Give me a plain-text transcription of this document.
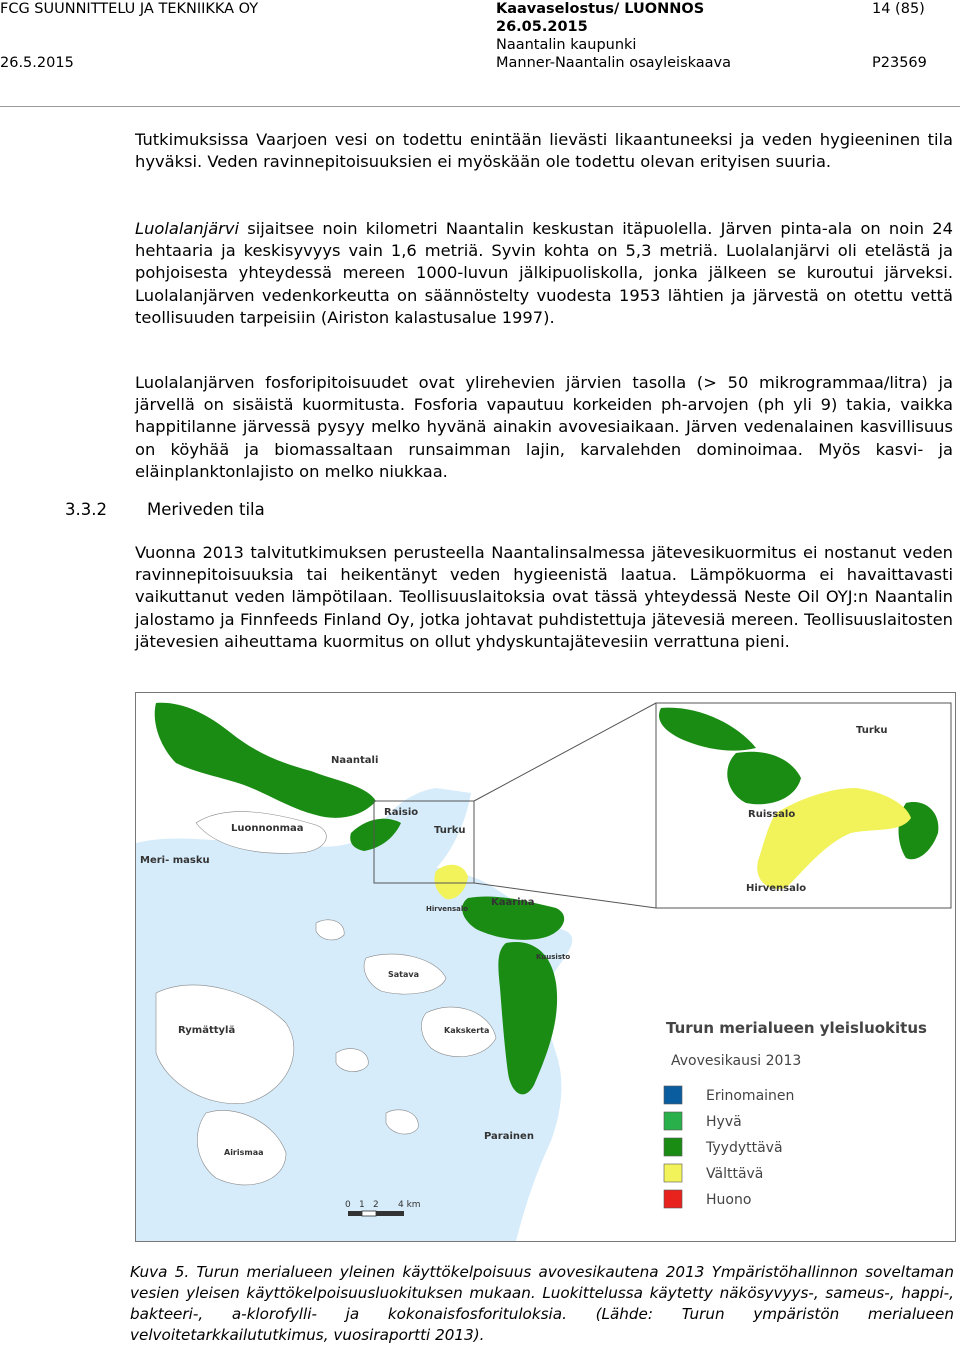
FCG SUUNNITTELU JA TEKNIIKKA OY
26.5.2015
Kaavaselostus/ LUONNOS
26.05.2015
Naantalin kaupunki
Manner-Naantalin osayleiskaava
14 (85)
P23569

Tutkimuksissa Vaarjoen vesi on todettu enintään lievästi likaantuneeksi ja veden hygieeninen tila hyväksi. Veden ravinnepitoisuuksien ei myöskään ole todettu olevan erityisen suuria.

Luolalanjärvi sijaitsee noin kilometri Naantalin keskustan itäpuolella. Järven pinta-ala on noin 24 hehtaaria ja keskisyvyys vain 1,6 metriä. Syvin kohta on 5,3 metriä. Luolalanjärvi oli etelästä ja pohjoisesta yhteydessä mereen 1000-luvun jälkipuoliskolla, jonka jälkeen se kuroutui järveksi. Luolalanjärven vedenkorkeutta on säännöstelty vuodesta 1953 lähtien ja järvestä on otettu vettä teollisuuden tarpeisiin (Airiston kalastusalue 1997).

Luolalanjärven fosforipitoisuudet ovat ylirehevien järvien tasolla (> 50 mikrogrammaa/litra) ja järvellä on sisäistä kuormitusta. Fosforia vapautuu korkeiden ph-arvojen (ph yli 9) takia, vaikka happitilanne järvessä pysyy melko hyvänä ainakin avovesiaikaan. Järven vedenalainen kasvillisuus on köyhää ja biomassaltaan runsaimman lajin, karvalehden dominoimaa. Myös kasvi- ja eläinplanktonlajisto on melko niukkaa.

3.3.2 Meriveden tila

Vuonna 2013 talvitutkimuksen perusteella Naantalinsalmessa jätevesikuormitus ei nostanut veden ravinnepitoisuuksia tai heikentänyt veden hygieenistä laatua. Lämpökuorma ei havaittavasti vaikuttanut veden lämpötilaan. Teollisuuslaitoksia ovat tässä yhteydessä Neste Oil OYJ:n Naantalin jalostamo ja Finnfeeds Finland Oy, jotka johtavat puhdistettuja jätevesiä mereen. Teollisuuslaitosten jätevesien aiheuttama kuormitus on ollut yhdyskuntajätevesiin verrattuna pieni.

Naantali
Luonnonmaa
Meri- masku
Raisio
Turku
Turku
Ruissalo
Hirvensalo
Hirvensalo
Kaarina
Kuusisto
Satava
Kakskerta
Rymättylä
Airismaa
Parainen
Turun merialueen yleisluokitus
Avovesikausi 2013
Erinomainen
Hyvä
Tyydyttävä
Välttävä
Huono
0 1 2 4 km

Kuva 5. Turun merialueen yleinen käyttökelpoisuus avovesikautena 2013 Ympäristöhallinnon soveltaman vesien yleisen käyttökelpoisuusluokituksen mukaan. Luokittelussa käytetty näkösyvyys-, sameus-, happi-, bakteeri-, a-klorofylli- ja kokonaisfosforituloksia. (Lähde: Turun ympäristön merialueen velvoitetarkkailututkimus, vuosiraportti 2013).
